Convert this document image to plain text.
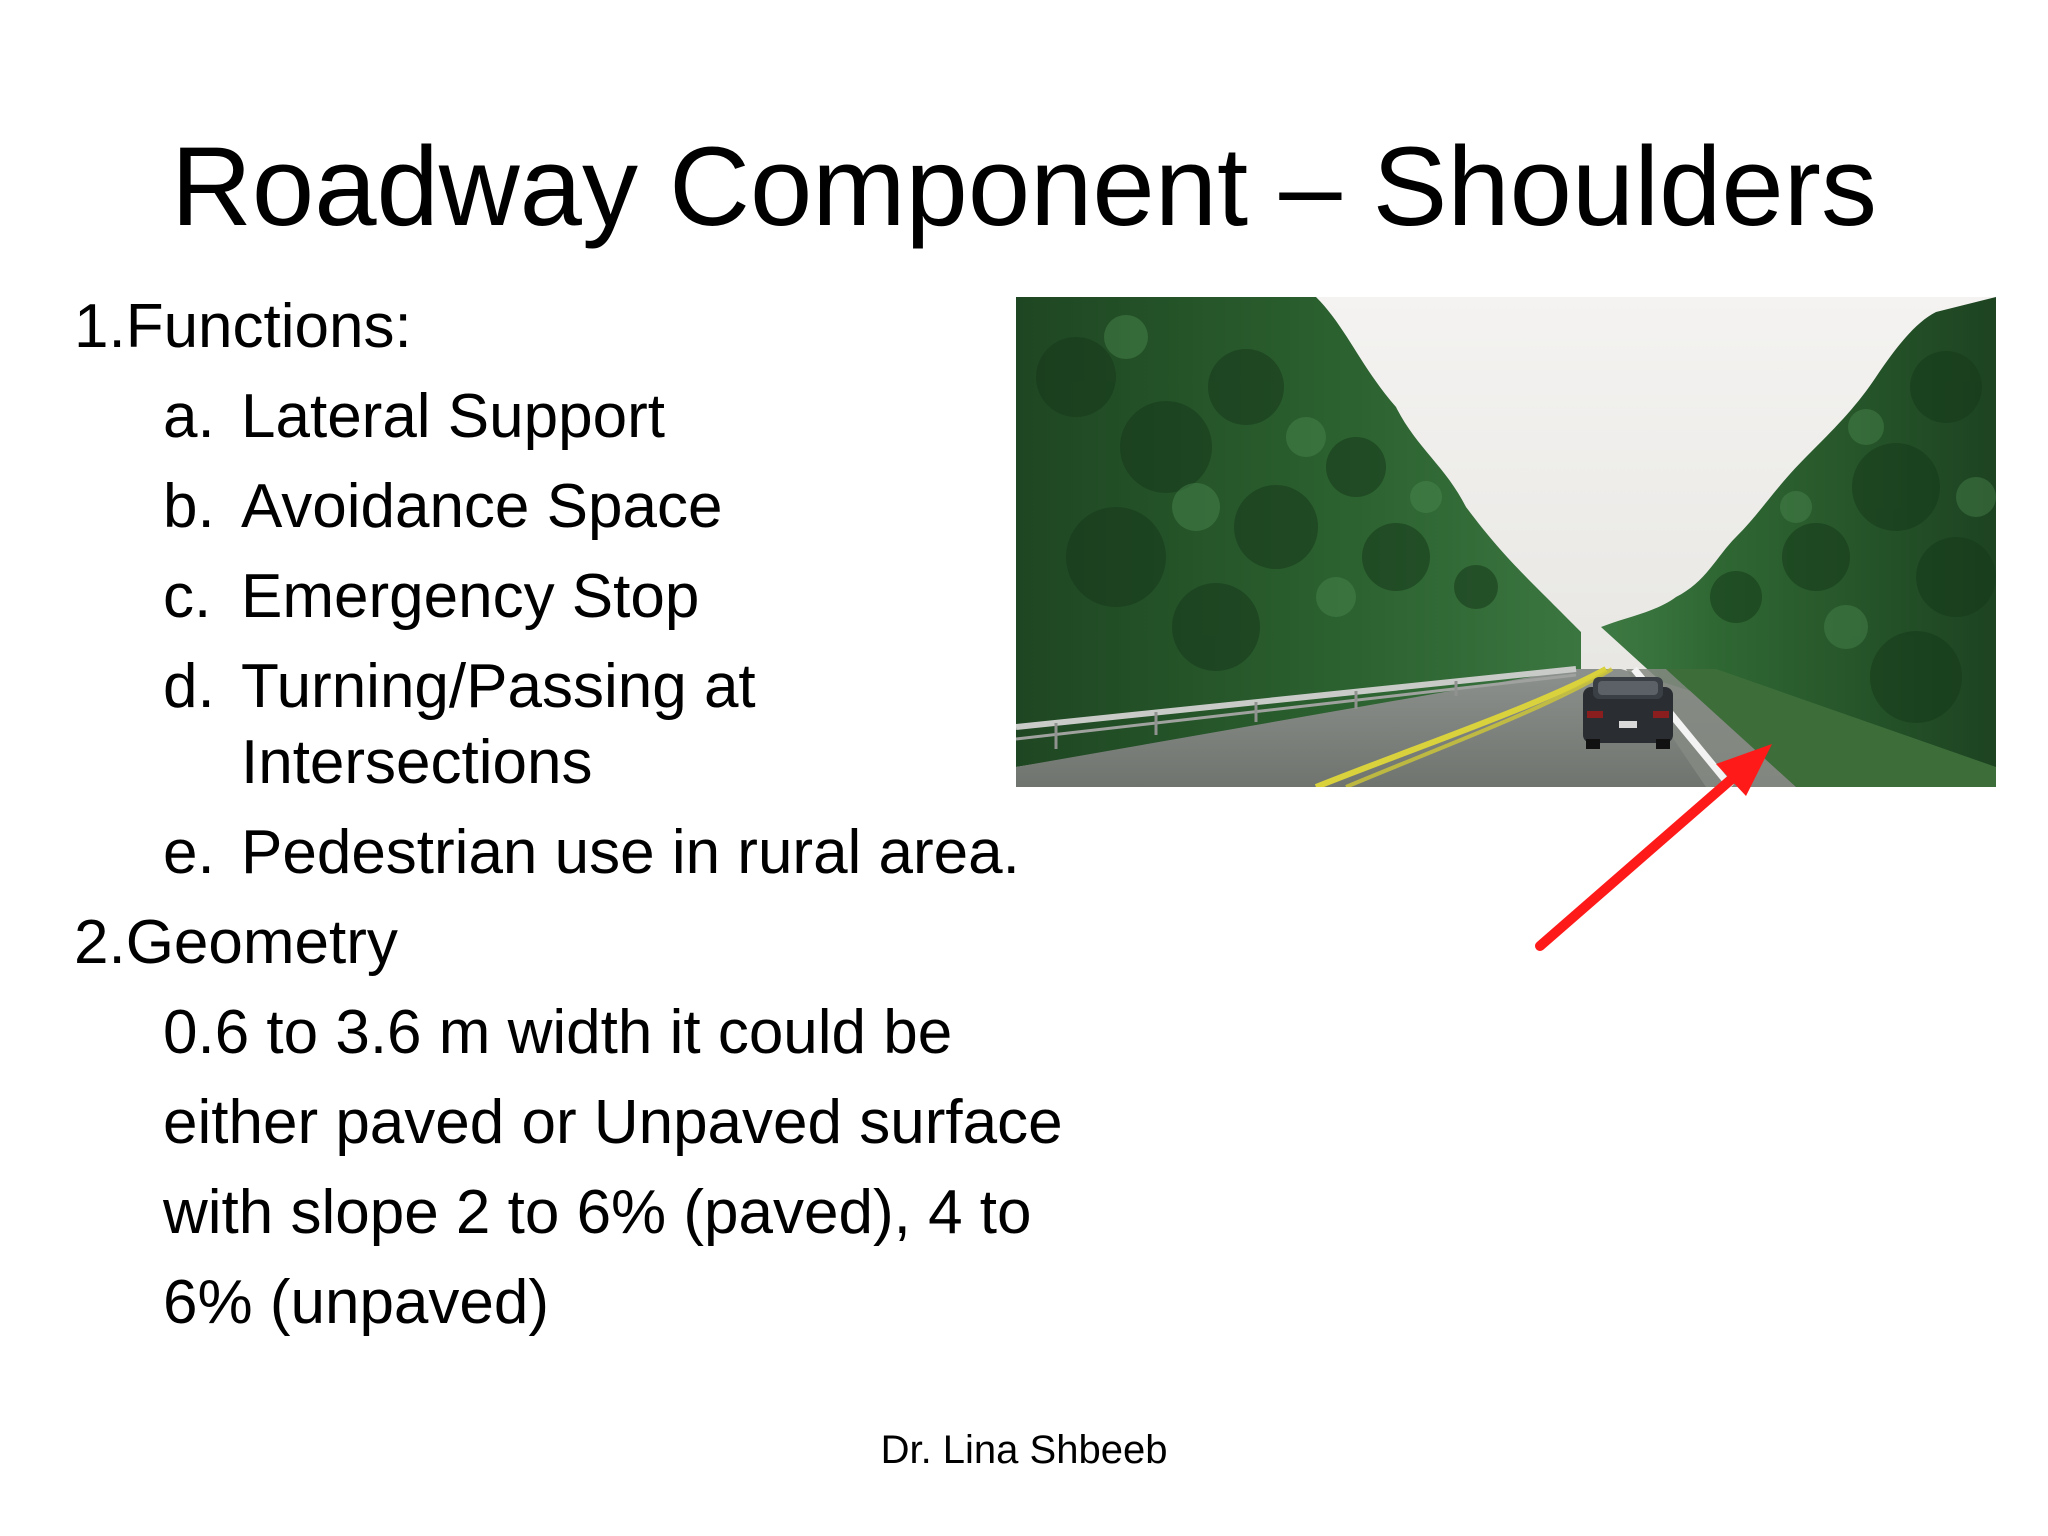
Roadway Component – Shoulders
1.Functions:
a. Lateral Support
b. Avoidance Space
c. Emergency Stop
d. Turning/Passing at
Intersections
e. Pedestrian use in rural area.
2.Geometry
0.6 to 3.6 m width it could be
either paved or Unpaved surface
with slope 2 to 6% (paved), 4 to
6% (unpaved)
Dr. Lina Shbeeb
